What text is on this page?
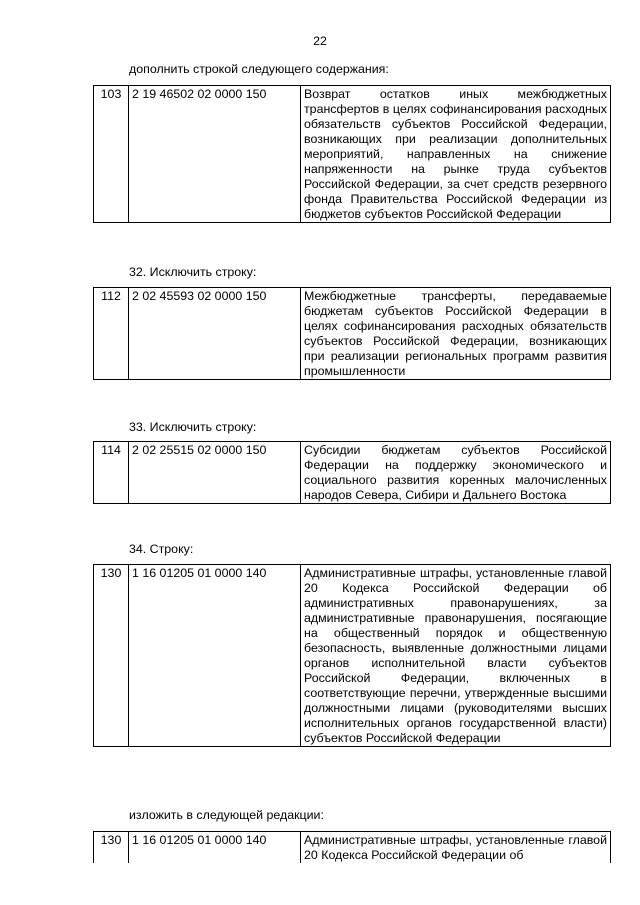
22
дополнить строкой следующего содержания:
103	2 19 46502 02 0000 150	Возврат остатков иных межбюджетных трансфертов в целях софинансирования расходных обязательств субъектов Российской Федерации, возникающих при реализации дополнительных мероприятий, направленных на снижение напряженности на рынке труда субъектов Российской Федерации, за счет средств резервного фонда Правительства Российской Федерации из бюджетов субъектов Российской Федерации
32. Исключить строку:
112	2 02 45593 02 0000 150	Межбюджетные трансферты, передаваемые бюджетам субъектов Российской Федерации в целях софинансирования расходных обязательств субъектов Российской Федерации, возникающих при реализации региональных программ развития промышленности
33. Исключить строку:
114	2 02 25515 02 0000 150	Субсидии бюджетам субъектов Российской Федерации на поддержку экономического и социального развития коренных малочисленных народов Севера, Сибири и Дальнего Востока
34. Строку:
130	1 16 01205 01 0000 140	Административные штрафы, установленные главой 20 Кодекса Российской Федерации об административных правонарушениях, за административные правонарушения, посягающие на общественный порядок и общественную безопасность, выявленные должностными лицами органов исполнительной власти субъектов Российской Федерации, включенных в соответствующие перечни, утвержденные высшими должностными лицами (руководителями высших исполнительных органов государственной власти) субъектов Российской Федерации
изложить в следующей редакции:
130	1 16 01205 01 0000 140	Административные штрафы, установленные главой 20 Кодекса Российской Федерации об
